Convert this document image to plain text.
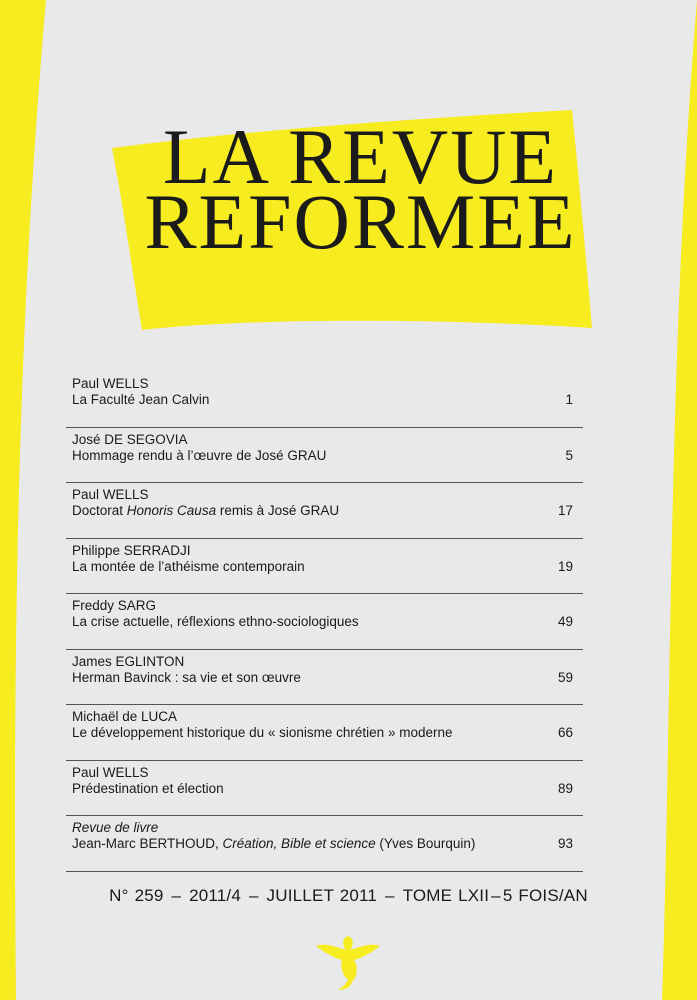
LA REVUE
REFORMEE
Paul WELLS
La Faculté Jean Calvin	1
José DE SEGOVIA
Hommage rendu à l’œuvre de José GRAU	5
Paul WELLS
Doctorat Honoris Causa remis à José GRAU	17
Philippe SERRADJI
La montée de l’athéisme contemporain	19
Freddy SARG
La crise actuelle, réflexions ethno-sociologiques	49
James EGLINTON
Herman Bavinck : sa vie et son œuvre	59
Michaël de LUCA
Le développement historique du « sionisme chrétien » moderne	66
Paul WELLS
Prédestination et élection	89
Revue de livre
Jean-Marc BERTHOUD, Création, Bible et science (Yves Bourquin)	93
N° 259 – 2011/4 – JUILLET 2011 – TOME LXII – 5 FOIS/AN
